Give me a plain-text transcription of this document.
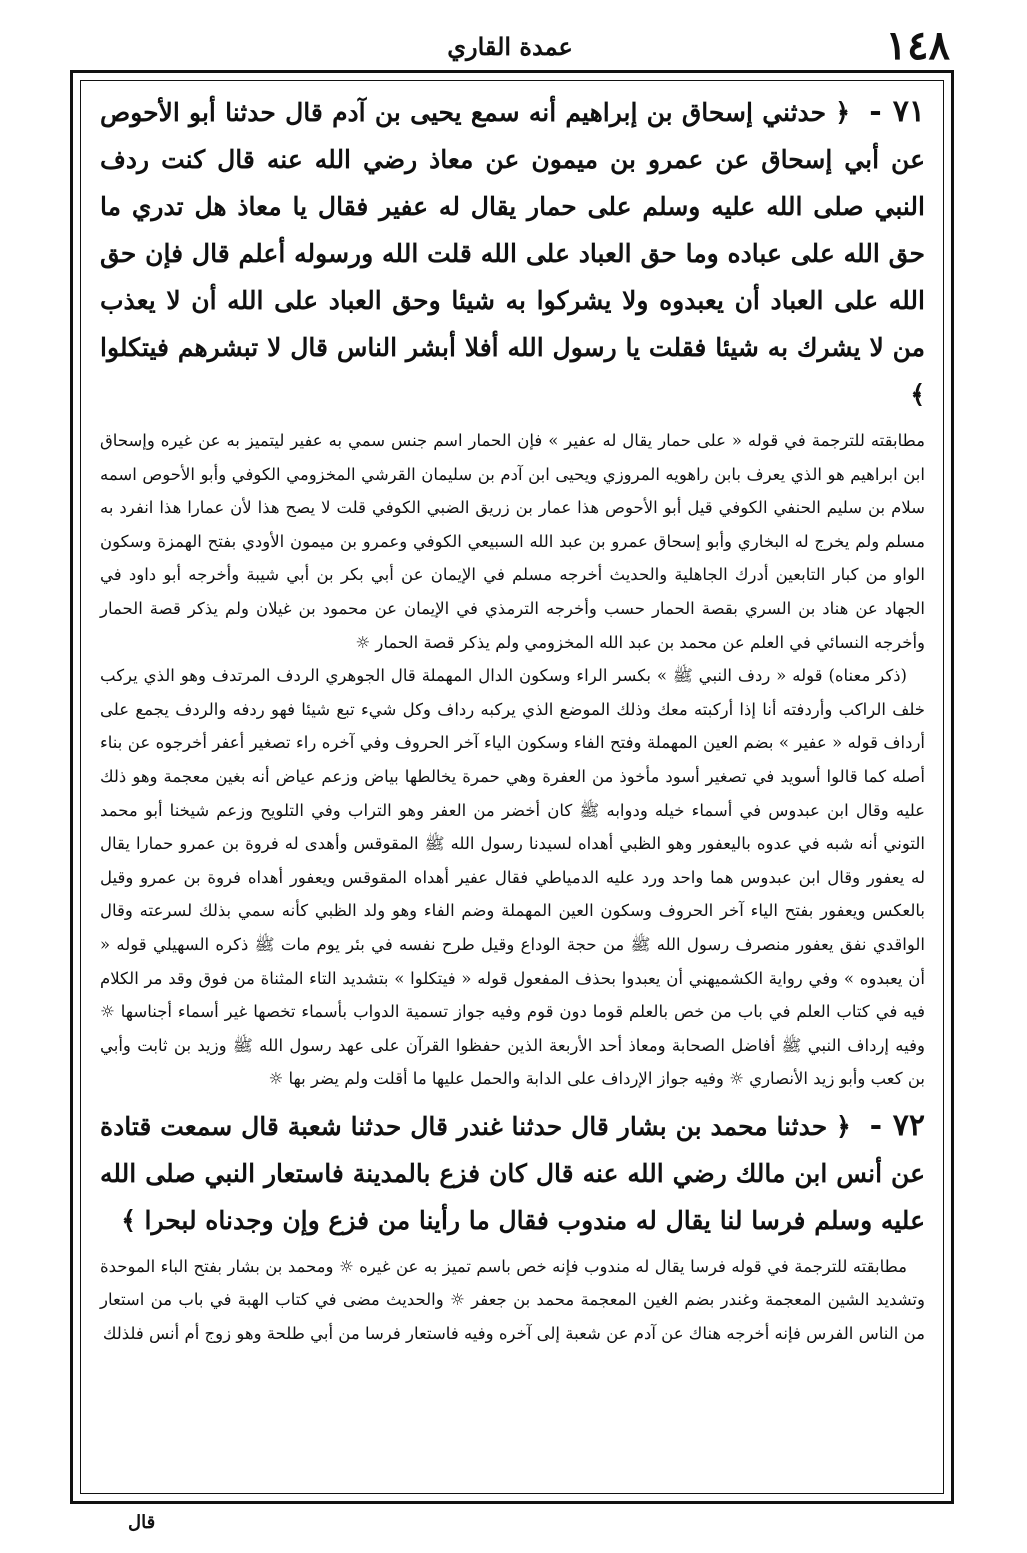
١٤٨
عمدة القاري

٧١ - ﴿ حدثني إسحاق بن إبراهيم أنه سمع يحيى بن آدم قال حدثنا أبو الأحوص عن أبي إسحاق عن عمرو بن ميمون عن معاذ رضي الله عنه قال كنت ردف النبي صلى الله عليه وسلم على حمار يقال له عفير فقال يا معاذ هل تدري ما حق الله على عباده وما حق العباد على الله قلت الله ورسوله أعلم قال فإن حق الله على العباد أن يعبدوه ولا يشركوا به شيئا وحق العباد على الله أن لا يعذب من لا يشرك به شيئا فقلت يا رسول الله أفلا أبشر الناس قال لا تبشرهم فيتكلوا ﴾

مطابقته للترجمة في قوله « على حمار يقال له عفير » فإن الحمار اسم جنس سمي به عفير ليتميز به عن غيره وإسحاق ابن ابراهيم هو الذي يعرف بابن راهويه المروزي ويحيى ابن آدم بن سليمان القرشي المخزومي الكوفي وأبو الأحوص اسمه سلام بن سليم الحنفي الكوفي قيل أبو الأحوص هذا عمار بن زريق الضبي الكوفي قلت لا يصح هذا لأن عمارا هذا انفرد به مسلم ولم يخرج له البخاري وأبو إسحاق عمرو بن عبد الله السبيعي الكوفي وعمرو بن ميمون الأودي بفتح الهمزة وسكون الواو من كبار التابعين أدرك الجاهلية والحديث أخرجه مسلم في الإيمان عن أبي بكر بن أبي شيبة وأخرجه أبو داود في الجهاد عن هناد بن السري بقصة الحمار حسب وأخرجه الترمذي في الإيمان عن محمود بن غيلان ولم يذكر قصة الحمار وأخرجه النسائي في العلم عن محمد بن عبد الله المخزومي ولم يذكر قصة الحمار ☼

(ذكر معناه) قوله « ردف النبي ﷺ » بكسر الراء وسكون الدال المهملة قال الجوهري الردف المرتدف وهو الذي يركب خلف الراكب وأردفته أنا إذا أركبته معك وذلك الموضع الذي يركبه رداف وكل شيء تبع شيئا فهو ردفه والردف يجمع على أرداف قوله « عفير » بضم العين المهملة وفتح الفاء وسكون الياء آخر الحروف وفي آخره راء تصغير أعفر أخرجوه عن بناء أصله كما قالوا أسويد في تصغير أسود مأخوذ من العفرة وهي حمرة يخالطها بياض وزعم عياض أنه بغين معجمة وهو ذلك عليه وقال ابن عبدوس في أسماء خيله ودوابه ﷺ كان أخضر من العفر وهو التراب وفي التلويح وزعم شيخنا أبو محمد التوني أنه شبه في عدوه باليعفور وهو الظبي أهداه لسيدنا رسول الله ﷺ المقوقس وأهدى له فروة بن عمرو حمارا يقال له يعفور وقال ابن عبدوس هما واحد ورد عليه الدمياطي فقال عفير أهداه المقوقس ويعفور أهداه فروة بن عمرو وقيل بالعكس ويعفور بفتح الياء آخر الحروف وسكون العين المهملة وضم الفاء وهو ولد الظبي كأنه سمي بذلك لسرعته وقال الواقدي نفق يعفور منصرف رسول الله ﷺ من حجة الوداع وقيل طرح نفسه في بئر يوم مات ﷺ ذكره السهيلي قوله « أن يعبدوه » وفي رواية الكشميهني أن يعبدوا بحذف المفعول قوله « فيتكلوا » بتشديد التاء المثناة من فوق وقد مر الكلام فيه في كتاب العلم في باب من خص بالعلم قوما دون قوم وفيه جواز تسمية الدواب بأسماء تخصها غير أسماء أجناسها ☼ وفيه إرداف النبي ﷺ أفاضل الصحابة ومعاذ أحد الأربعة الذين حفظوا القرآن على عهد رسول الله ﷺ وزيد بن ثابت وأبي بن كعب وأبو زيد الأنصاري ☼ وفيه جواز الإرداف على الدابة والحمل عليها ما أقلت ولم يضر بها ☼

٧٢ - ﴿ حدثنا محمد بن بشار قال حدثنا غندر قال حدثنا شعبة قال سمعت قتادة عن أنس ابن مالك رضي الله عنه قال كان فزع بالمدينة فاستعار النبي صلى الله عليه وسلم فرسا لنا يقال له مندوب فقال ما رأينا من فزع وإن وجدناه لبحرا ﴾

مطابقته للترجمة في قوله فرسا يقال له مندوب فإنه خص باسم تميز به عن غيره ☼ ومحمد بن بشار بفتح الباء الموحدة وتشديد الشين المعجمة وغندر بضم الغين المعجمة محمد بن جعفر ☼ والحديث مضى في كتاب الهبة في باب من استعار من الناس الفرس فإنه أخرجه هناك عن آدم عن شعبة إلى آخره وفيه فاستعار فرسا من أبي طلحة وهو زوج أم أنس فلذلك

قال
